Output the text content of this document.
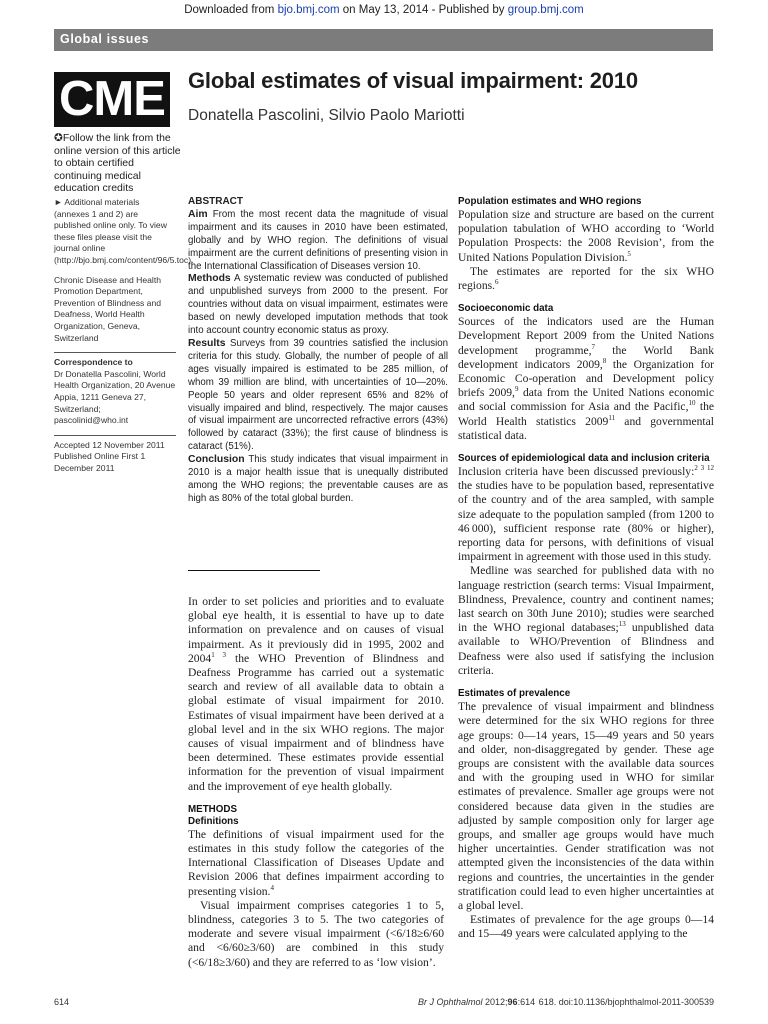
Downloaded from bjo.bmj.com on May 13, 2014 - Published by group.bmj.com
Global issues
CME
✪Follow the link from the online version of this article to obtain certified continuing medical education credits
Global estimates of visual impairment: 2010
Donatella Pascolini, Silvio Paolo Mariotti

► Additional materials (annexes 1 and 2) are published online only. To view these files please visit the journal online (http://bjo.bmj.com/content/96/5.toc).

Chronic Disease and Health Promotion Department, Prevention of Blindness and Deafness, World Health Organization, Geneva, Switzerland

Correspondence to

Dr Donatella Pascolini, World Health Organization, 20 Avenue Appia, 1211 Geneva 27, Switzerland; pascolinid@who.int

Accepted 12 November 2011 Published Online First 1 December 2011

ABSTRACT

Aim From the most recent data the magnitude of visual impairment and its causes in 2010 have been estimated, globally and by WHO region. The definitions of visual impairment are the current definitions of presenting vision in the International Classification of Diseases version 10.

Methods A systematic review was conducted of published and unpublished surveys from 2000 to the present. For countries without data on visual impairment, estimates were based on newly developed imputation methods that took into account country economic status as proxy.

Results Surveys from 39 countries satisfied the inclusion criteria for this study. Globally, the number of people of all ages visually impaired is estimated to be 285 million, of whom 39 million are blind, with uncertainties of 10—20%. People 50 years and older represent 65% and 82% of visually impaired and blind, respectively. The major causes of visual impairment are uncorrected refractive errors (43%) followed by cataract (33%); the first cause of blindness is cataract (51%).

Conclusion This study indicates that visual impairment in 2010 is a major health issue that is unequally distributed among the WHO regions; the preventable causes are as high as 80% of the total global burden.

In order to set policies and priorities and to evaluate global eye health, it is essential to have up to date information on prevalence and on causes of visual impairment. As it previously did in 1995, 2002 and $2004^{1 3}$ the WHO Prevention of Blindness and Deafness Programme has carried out a systematic search and review of all available data to obtain a global estimate of visual impairment for 2010. Estimates of visual impairment have been derived at a global level and in the six WHO regions. The major causes of visual impairment and of blindness have been determined. These estimates provide essential information for the prevention of visual impairment and the improvement of eye health globally.

METHODS
Definitions

The definitions of visual impairment used for the estimates in this study follow the categories of the International Classification of Diseases Update and Revision 2006 that defines impairment according to presenting vision.$^4$

Visual impairment comprises categories 1 to 5, blindness, categories 3 to 5. The two categories of moderate and severe visual impairment (<6/18≥6/60 and <6/60≥3/60) are combined in this study (<6/18≥3/60) and they are referred to as ‘low vision’.

Population estimates and WHO regions

Population size and structure are based on the current population tabulation of WHO according to ‘World Population Prospects: the 2008 Revision’, from the United Nations Population Division.$^5$

The estimates are reported for the six WHO regions.$^6$

Socioeconomic data

Sources of the indicators used are the Human Development Report 2009 from the United Nations development programme,$^7$ the World Bank development indicators 2009,$^8$ the Organization for Economic Co-operation and Development policy briefs 2009,$^9$ data from the United Nations economic and social commission for Asia and the Pacific,$^{10}$ the World Health statistics 2009$^{11}$ and governmental statistical data.

Sources of epidemiological data and inclusion criteria

Inclusion criteria have been discussed previously:$^{2 3 12}$ the studies have to be population based, representative of the country and of the area sampled, with sample size adequate to the population sampled (from 1200 to 46 000), sufficient response rate (80% or higher), reporting data for persons, with definitions of visual impairment in agreement with those used in this study.

Medline was searched for published data with no language restriction (search terms: Visual Impairment, Blindness, Prevalence, country and continent names; last search on 30th June 2010); studies were searched in the WHO regional databases;$^{13}$ unpublished data available to WHO/Prevention of Blindness and Deafness were also used if satisfying the inclusion criteria.

Estimates of prevalence

The prevalence of visual impairment and blindness were determined for the six WHO regions for three age groups: 0—14 years, 15—49 years and 50 years and older, non-disaggregated by gender. These age groups are consistent with the available data sources and with the grouping used in WHO for similar estimates of prevalence. Smaller age groups were not considered because data given in the studies are adjusted by sample composition only for larger age groups, and smaller age groups would have much higher uncertainties. Gender stratification was not attempted given the inconsistencies of the data within regions and countries, the uncertainties in the gender stratification could lead to even higher uncertainties at a global level.

Estimates of prevalence for the age groups 0—14 and 15—49 years were calculated applying to the

614	Br J Ophthalmol 2012;96:614  618. doi:10.1136/bjophthalmol-2011-300539
